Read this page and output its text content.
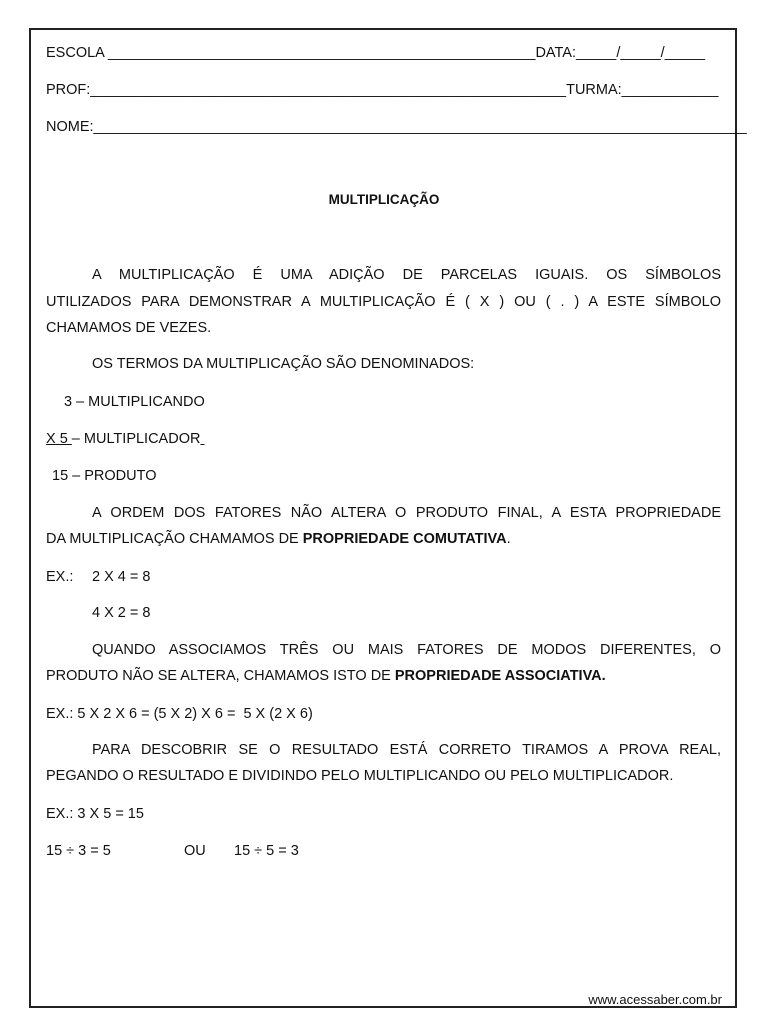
ESCOLA _____________________________________________________DATA:_____/_____/_____
PROF:___________________________________________________________TURMA:____________
NOME:_________________________________________________________________________________
MULTIPLICAÇÃO
A MULTIPLICAÇÃO É UMA ADIÇÃO DE PARCELAS IGUAIS. OS SÍMBOLOS
UTILIZADOS PARA DEMONSTRAR A MULTIPLICAÇÃO É ( X ) OU ( . ) A ESTE SÍMBOLO
CHAMAMOS DE VEZES.
OS TERMOS DA MULTIPLICAÇÃO SÃO DENOMINADOS:
3 – MULTIPLICANDO
X 5 – MULTIPLICADOR
15 – PRODUTO
A ORDEM DOS FATORES NÃO ALTERA O PRODUTO FINAL, A ESTA PROPRIEDADE
DA MULTIPLICAÇÃO CHAMAMOS DE PROPRIEDADE COMUTATIVA.
EX.: 2 X 4 = 8
4 X 2 = 8
QUANDO ASSOCIAMOS TRÊS OU MAIS FATORES DE MODOS DIFERENTES, O
PRODUTO NÃO SE ALTERA, CHAMAMOS ISTO DE PROPRIEDADE ASSOCIATIVA.
EX.: 5 X 2 X 6 = (5 X 2) X 6 =  5 X (2 X 6)
PARA DESCOBRIR SE O RESULTADO ESTÁ CORRETO TIRAMOS A PROVA REAL,
PEGANDO O RESULTADO E DIVIDINDO PELO MULTIPLICANDO OU PELO MULTIPLICADOR.
EX.: 3 X 5 = 15
15 ÷ 3 = 5	OU 15 ÷ 5 = 3
www.acessaber.com.br
